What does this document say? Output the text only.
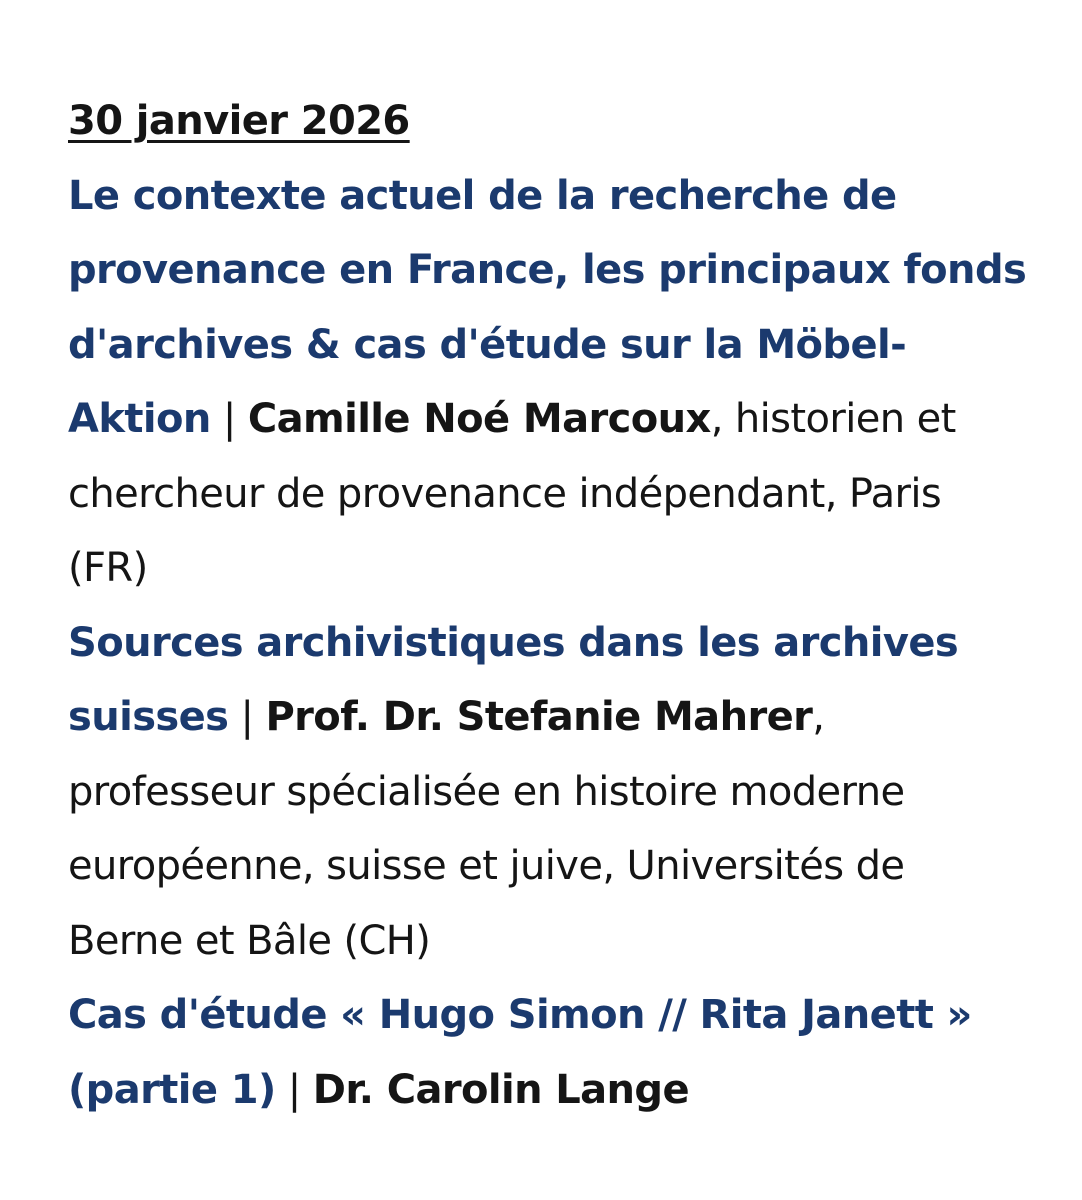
30 janvier 2026
Le contexte actuel de la recherche de provenance en France, les principaux fonds d'archives & cas d'étude sur la Möbel-Aktion | Camille Noé Marcoux, historien et chercheur de provenance indépendant, Paris (FR)
Sources archivistiques dans les archives suisses | Prof. Dr. Stefanie Mahrer, professeur spécialisée en histoire moderne européenne, suisse et juive, Universités de Berne et Bâle (CH)
Cas d'étude « Hugo Simon // Rita Janett » (partie 1) | Dr. Carolin Lange
